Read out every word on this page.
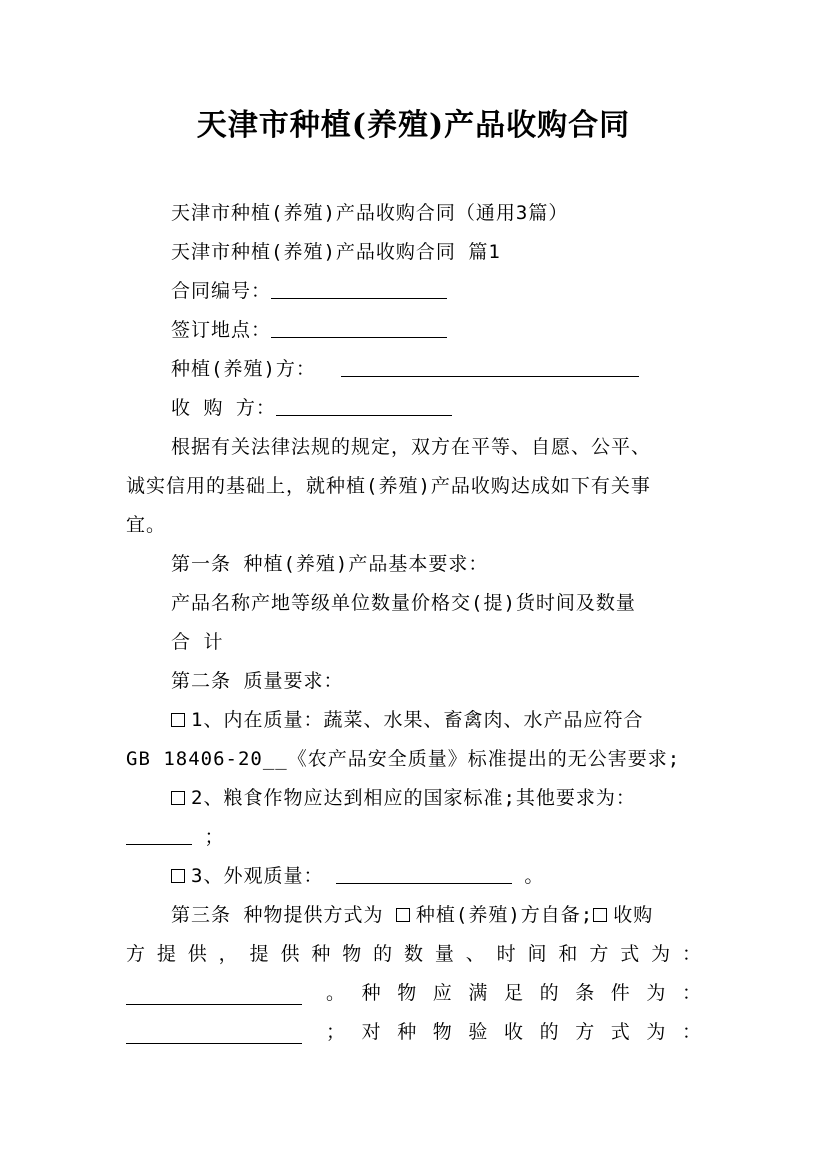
天津市种植(养殖)产品收购合同
天津市种植(养殖)产品收购合同（通用3篇）
天津市种植(养殖)产品收购合同 篇1
合同编号：
签订地点：
种植(养殖)方：
收 购 方：
根据有关法律法规的规定，双方在平等、自愿、公平、
诚实信用的基础上，就种植(养殖)产品收购达成如下有关事
宜。
第一条 种植(养殖)产品基本要求：
产品名称产地等级单位数量价格交(提)货时间及数量
合 计
第二条 质量要求：
1、内在质量：蔬菜、水果、畜禽肉、水产品应符合
GB 18406-20__《农产品安全质量》标准提出的无公害要求;
2、粮食作物应达到相应的国家标准;其他要求为：
；
3、外观质量：	。
第三条 种物提供方式为 种植(养殖)方自备; 收购
方提供，提供种物的数量、时间和方式为：
。种物应满足的条件为：
；对种物验收的方式为：
